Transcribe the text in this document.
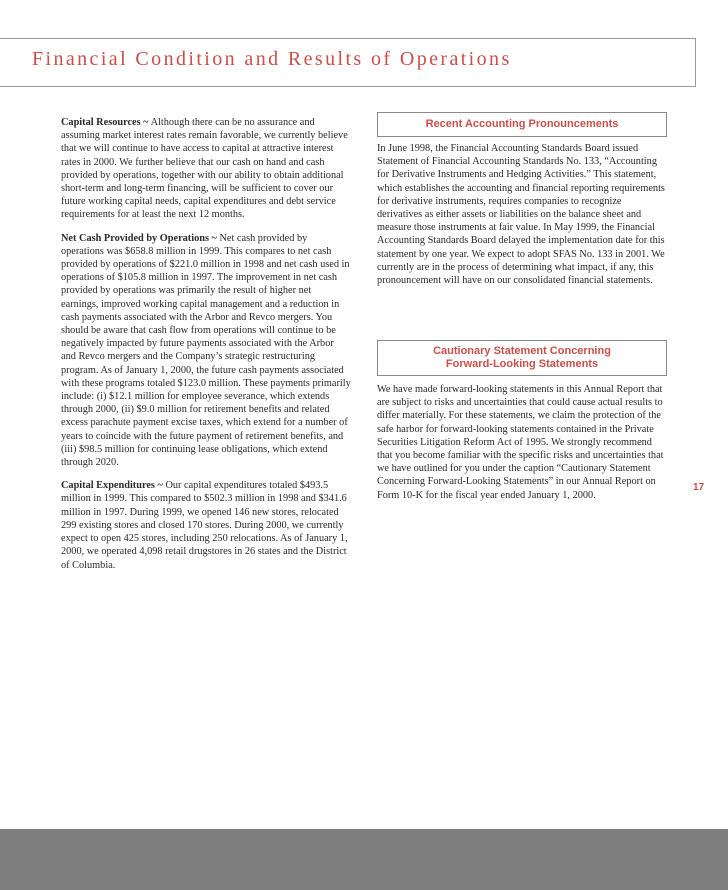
Financial Condition and Results of Operations

Capital Resources ~ Although there can be no assurance and assuming market interest rates remain favorable, we currently believe that we will continue to have access to capital at attractive interest rates in 2000. We further believe that our cash on hand and cash provided by operations, together with our ability to obtain additional short-term and long-term financing, will be sufficient to cover our future working capital needs, capital expenditures and debt service requirements for at least the next 12 months.

Net Cash Provided by Operations ~ Net cash provided by operations was $658.8 million in 1999. This compares to net cash provided by operations of $221.0 million in 1998 and net cash used in operations of $105.8 million in 1997. The improvement in net cash provided by operations was primarily the result of higher net earnings, improved working capital management and a reduction in cash payments associated with the Arbor and Revco mergers. You should be aware that cash flow from operations will continue to be negatively impacted by future payments associated with the Arbor and Revco mergers and the Company’s strategic restructuring program. As of January 1, 2000, the future cash payments associated with these programs totaled $123.0 million. These payments primarily include: (i) $12.1 million for employee severance, which extends through 2000, (ii) $9.0 million for retirement benefits and related excess parachute payment excise taxes, which extend for a number of years to coincide with the future payment of retirement benefits, and (iii) $98.5 million for continuing lease obligations, which extend through 2020.

Capital Expenditures ~ Our capital expenditures totaled $493.5 million in 1999. This compared to $502.3 million in 1998 and $341.6 million in 1997. During 1999, we opened 146 new stores, relocated 299 existing stores and closed 170 stores. During 2000, we currently expect to open 425 stores, including 250 relocations. As of January 1, 2000, we operated 4,098 retail drugstores in 26 states and the District of Columbia.

Recent Accounting Pronouncements

In June 1998, the Financial Accounting Standards Board issued Statement of Financial Accounting Standards No. 133, “Accounting for Derivative Instruments and Hedging Activities.” This statement, which establishes the accounting and financial reporting requirements for derivative instruments, requires companies to recognize derivatives as either assets or liabilities on the balance sheet and measure those instruments at fair value. In May 1999, the Financial Accounting Standards Board delayed the implementation date for this statement by one year. We expect to adopt SFAS No. 133 in 2001. We currently are in the process of determining what impact, if any, this pronouncement will have on our consolidated financial statements.

Cautionary Statement Concerning
Forward-Looking Statements

We have made forward-looking statements in this Annual Report that are subject to risks and uncertainties that could cause actual results to differ materially. For these statements, we claim the protection of the safe harbor for forward-looking statements contained in the Private Securities Litigation Reform Act of 1995. We strongly recommend that you become familiar with the specific risks and uncertainties that we have outlined for you under the caption “Cautionary Statement Concerning Forward-Looking Statements” in our Annual Report on Form 10-K for the fiscal year ended January 1, 2000.

17
